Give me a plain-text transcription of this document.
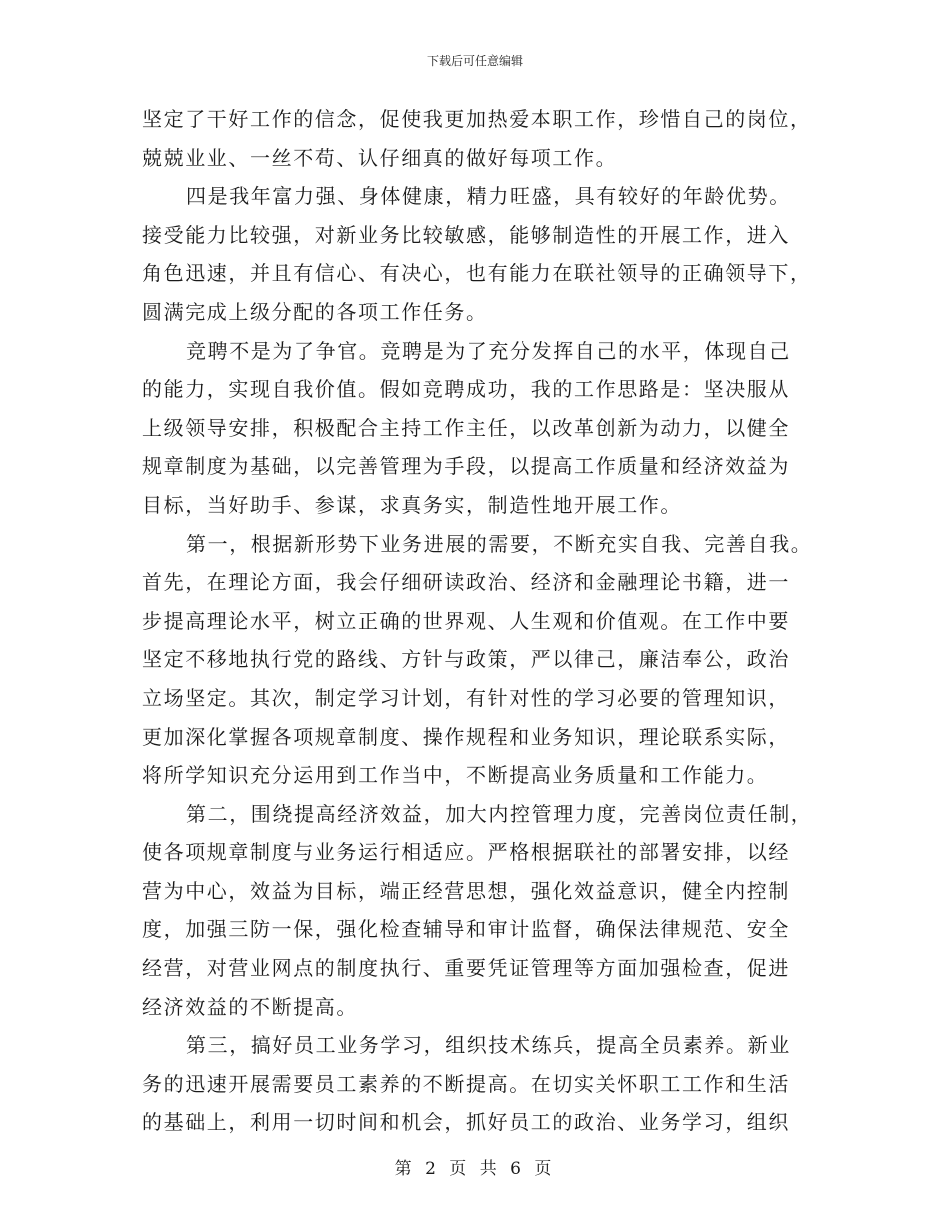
下载后可任意编辑
坚定了干好工作的信念，促使我更加热爱本职工作，珍惜自己的岗位，
兢兢业业、一丝不苟、认仔细真的做好每项工作。
四是我年富力强、身体健康，精力旺盛，具有较好的年龄优势。
接受能力比较强，对新业务比较敏感，能够制造性的开展工作，进入
角色迅速，并且有信心、有决心，也有能力在联社领导的正确领导下，
圆满完成上级分配的各项工作任务。
竞聘不是为了争官。竞聘是为了充分发挥自己的水平，体现自己
的能力，实现自我价值。假如竞聘成功，我的工作思路是：坚决服从
上级领导安排，积极配合主持工作主任，以改革创新为动力，以健全
规章制度为基础，以完善管理为手段，以提高工作质量和经济效益为
目标，当好助手、参谋，求真务实，制造性地开展工作。
第一，根据新形势下业务进展的需要，不断充实自我、完善自我。
首先，在理论方面，我会仔细研读政治、经济和金融理论书籍，进一
步提高理论水平，树立正确的世界观、人生观和价值观。在工作中要
坚定不移地执行党的路线、方针与政策，严以律己，廉洁奉公，政治
立场坚定。其次，制定学习计划，有针对性的学习必要的管理知识，
更加深化掌握各项规章制度、操作规程和业务知识，理论联系实际，
将所学知识充分运用到工作当中，不断提高业务质量和工作能力。
第二，围绕提高经济效益，加大内控管理力度，完善岗位责任制，
使各项规章制度与业务运行相适应。严格根据联社的部署安排，以经
营为中心，效益为目标，端正经营思想，强化效益意识，健全内控制
度，加强三防一保，强化检查辅导和审计监督，确保法律规范、安全
经营，对营业网点的制度执行、重要凭证管理等方面加强检查，促进
经济效益的不断提高。
第三，搞好员工业务学习，组织技术练兵，提高全员素养。新业
务的迅速开展需要员工素养的不断提高。在切实关怀职工工作和生活
的基础上，利用一切时间和机会，抓好员工的政治、业务学习，组织
第 2 页 共 6 页
